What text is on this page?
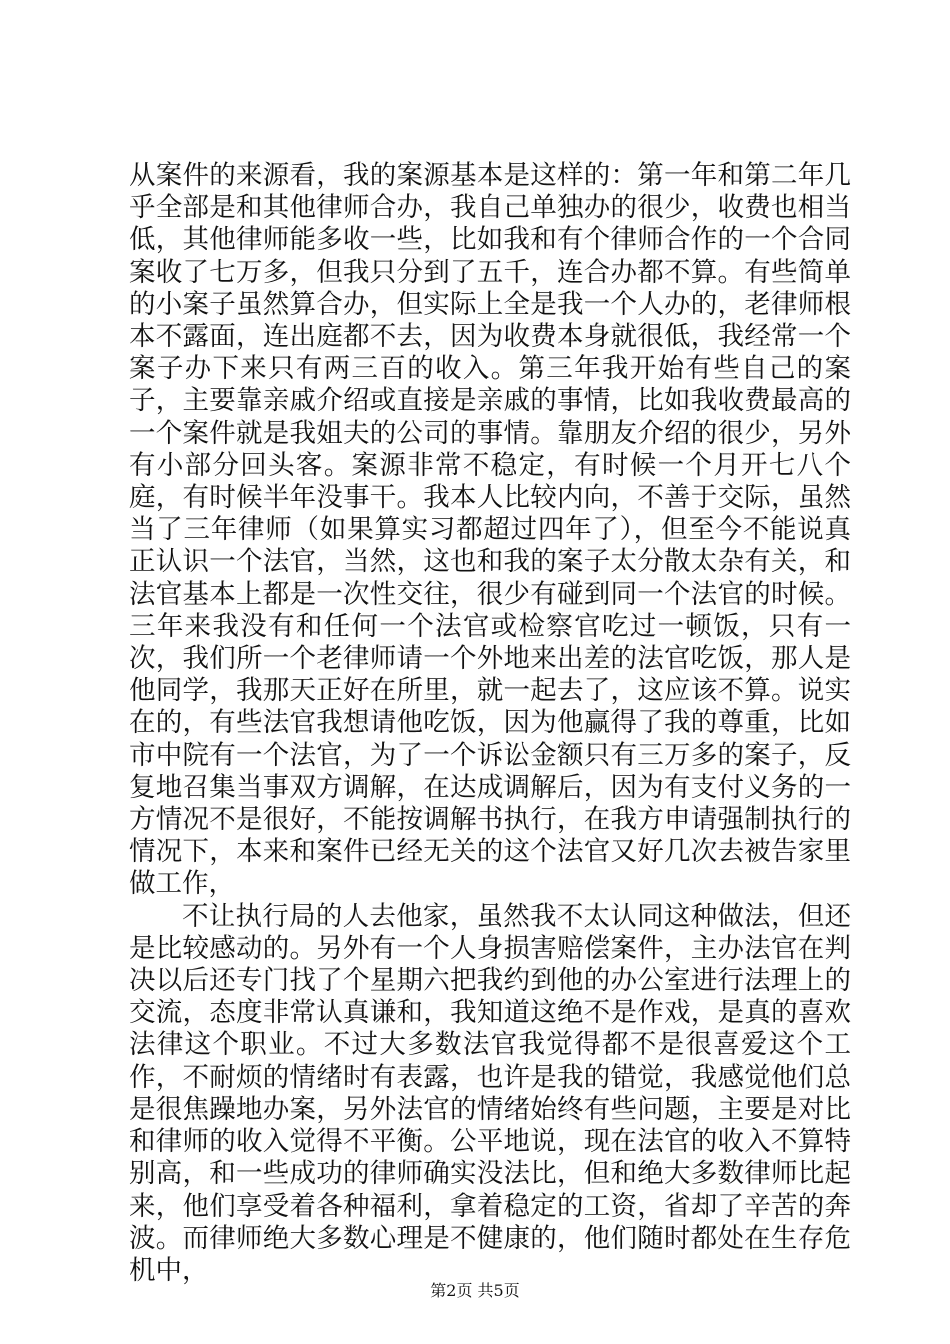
从案件的来源看，我的案源基本是这样的：第一年和第二年几乎全部是和其他律师合办，我自己单独办的很少，收费也相当低，其他律师能多收一些，比如我和有个律师合作的一个合同案收了七万多，但我只分到了五千，连合办都不算。有些简单的小案子虽然算合办，但实际上全是我一个人办的，老律师根本不露面，连出庭都不去，因为收费本身就很低，我经常一个案子办下来只有两三百的收入。第三年我开始有些自己的案子，主要靠亲戚介绍或直接是亲戚的事情，比如我收费最高的一个案件就是我姐夫的公司的事情。靠朋友介绍的很少，另外有小部分回头客。案源非常不稳定，有时候一个月开七八个庭，有时候半年没事干。我本人比较内向，不善于交际，虽然当了三年律师（如果算实习都超过四年了），但至今不能说真正认识一个法官，当然，这也和我的案子太分散太杂有关，和法官基本上都是一次性交往，很少有碰到同一个法官的时候。三年来我没有和任何一个法官或检察官吃过一顿饭，只有一次，我们所一个老律师请一个外地来出差的法官吃饭，那人是他同学，我那天正好在所里，就一起去了，这应该不算。说实在的，有些法官我想请他吃饭，因为他赢得了我的尊重，比如市中院有一个法官，为了一个诉讼金额只有三万多的案子，反复地召集当事双方调解，在达成调解后，因为有支付义务的一方情况不是很好，不能按调解书执行，在我方申请强制执行的情况下，本来和案件已经无关的这个法官又好几次去被告家里做工作，

不让执行局的人去他家，虽然我不太认同这种做法，但还是比较感动的。另外有一个人身损害赔偿案件，主办法官在判决以后还专门找了个星期六把我约到他的办公室进行法理上的交流，态度非常认真谦和，我知道这绝不是作戏，是真的喜欢法律这个职业。不过大多数法官我觉得都不是很喜爱这个工作，不耐烦的情绪时有表露，也许是我的错觉，我感觉他们总是很焦躁地办案，另外法官的情绪始终有些问题，主要是对比和律师的收入觉得不平衡。公平地说，现在法官的收入不算特别高，和一些成功的律师确实没法比，但和绝大多数律师比起来，他们享受着各种福利，拿着稳定的工资，省却了辛苦的奔波。而律师绝大多数心理是不健康的，他们随时都处在生存危机中，

第2页 共5页
